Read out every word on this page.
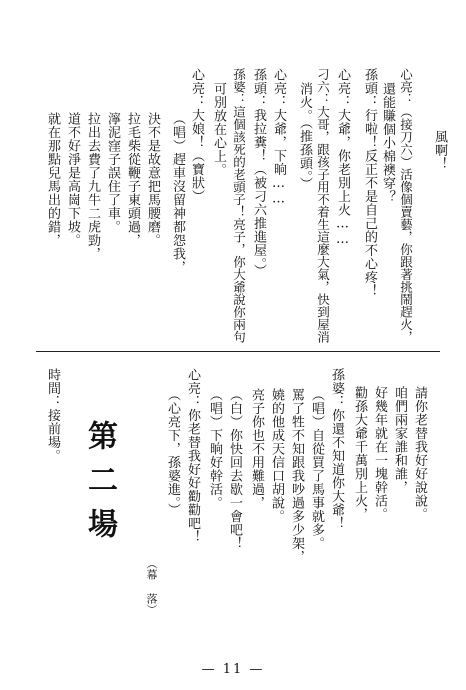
風啊！
心亮：（接刀六）活像個賣藝，你跟著挑鬧趕火，
還能賺個小棉襖穿？
孫頭：行啦！反正不是自己的不心疼！
心亮：大爺，你老別上火……
刁六：大哥，跟孩子用不着生這麼大氣，快到屋消
消火。（推孫頭。）
心亮：大爺，下晌……
孫頭：我拉糞！（被刁六推進屋。）
孫婆：這個該死的老頭子！亮子，你大爺說你兩句
可別放在心上。
心亮：大娘！（寶狀）
（唱）趕車沒留神都怨我，
決不是故意把馬腰磨。
拉毛柴從鞭子東頭過，
濘泥窪子誤住了車。
拉出去費了九牛二虎勁，
道不好淨是高崗下坡。
就在那點兒馬出的錯，
請你老替我好好說說。
咱們兩家誰和誰，
好幾年就在一塊幹活。
勸孫大爺千萬別上火，
孫婆：你還不知道你大爺！
（唱）自從買了馬事就多。
罵了牲不知跟我吵過多少架，
嬈的他成天信口胡說。
亮子你也不用難過，
（白）你快回去歇一會吧！
（唱）下晌好幹活。
心亮：你老替我好好勸勸吧！
（心亮下，孫婆進。）
時間：接前場。
第二場
（幕 落）
— 11 —
